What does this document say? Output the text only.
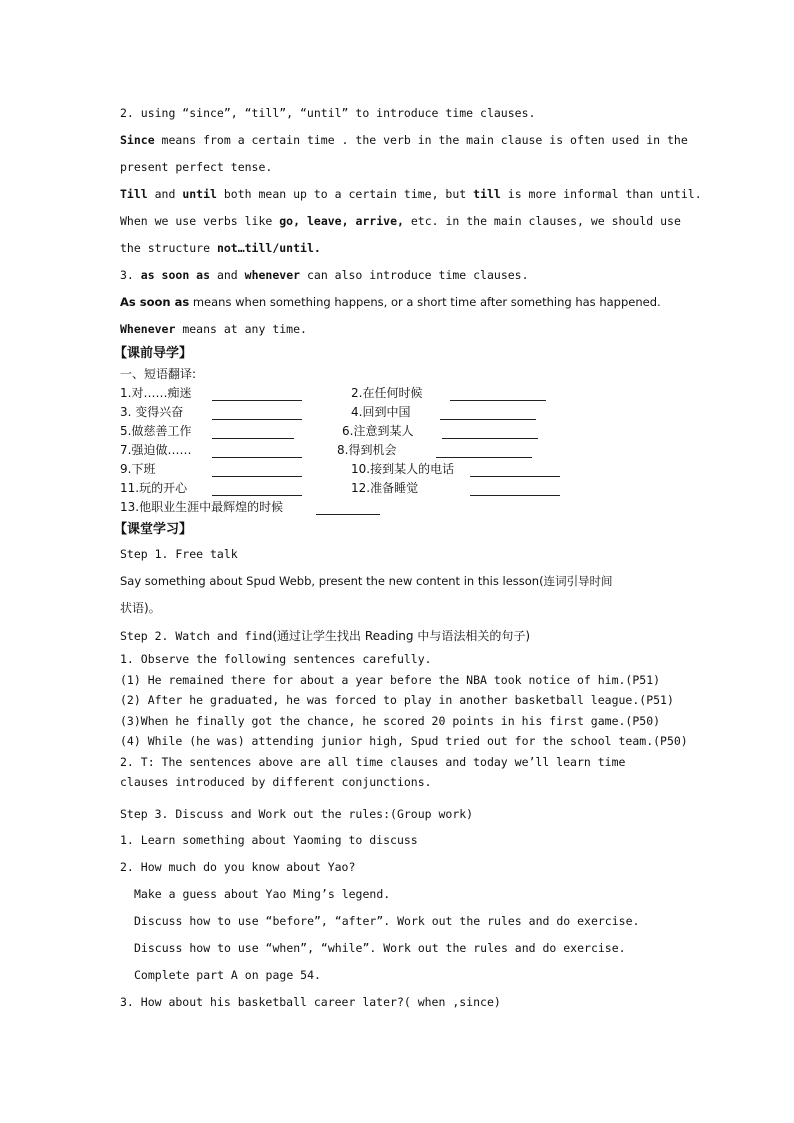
2. using “since”, “till”, “until” to introduce time clauses.
Since means from a certain time . the verb in the main clause is often used in the
present perfect tense.
Till and until both mean up to a certain time, but till is more informal than until.
When we use verbs like go, leave, arrive, etc. in the main clauses, we should use
the structure not…till/until.
3. as soon as and whenever can also introduce time clauses.
As soon as means when something happens, or a short time after something has happened.
Whenever means at any time.
【课前导学】
一、短语翻译:
1.对……痴迷	2.在任何时候
3. 变得兴奋	4.回到中国
5.做慈善工作	6.注意到某人
7.强迫做……	8.得到机会
9.下班	10.接到某人的电话
11.玩的开心	12.准备睡觉
13.他职业生涯中最辉煌的时候
【课堂学习】
Step 1. Free talk
Say something about Spud Webb, present the new content in this lesson(连词引导时间
状语)。
Step 2. Watch and find(通过让学生找出 Reading 中与语法相关的句子)
1. Observe the following sentences carefully.
(1) He remained there for about a year before the NBA took notice of him.(P51)
(2) After he graduated, he was forced to play in another basketball league.(P51)
(3)When he finally got the chance, he scored 20 points in his first game.(P50)
(4) While (he was) attending junior high, Spud tried out for the school team.(P50)
2. T: The sentences above are all time clauses and today we’ll learn time
clauses introduced by different conjunctions.
Step 3. Discuss and Work out the rules:(Group work)
1. Learn something about Yaoming to discuss
2. How much do you know about Yao?
Make a guess about Yao Ming’s legend.
Discuss how to use “before”, “after”. Work out the rules and do exercise.
Discuss how to use “when”, “while”. Work out the rules and do exercise.
Complete part A on page 54.
3. How about his basketball career later?( when ,since)
